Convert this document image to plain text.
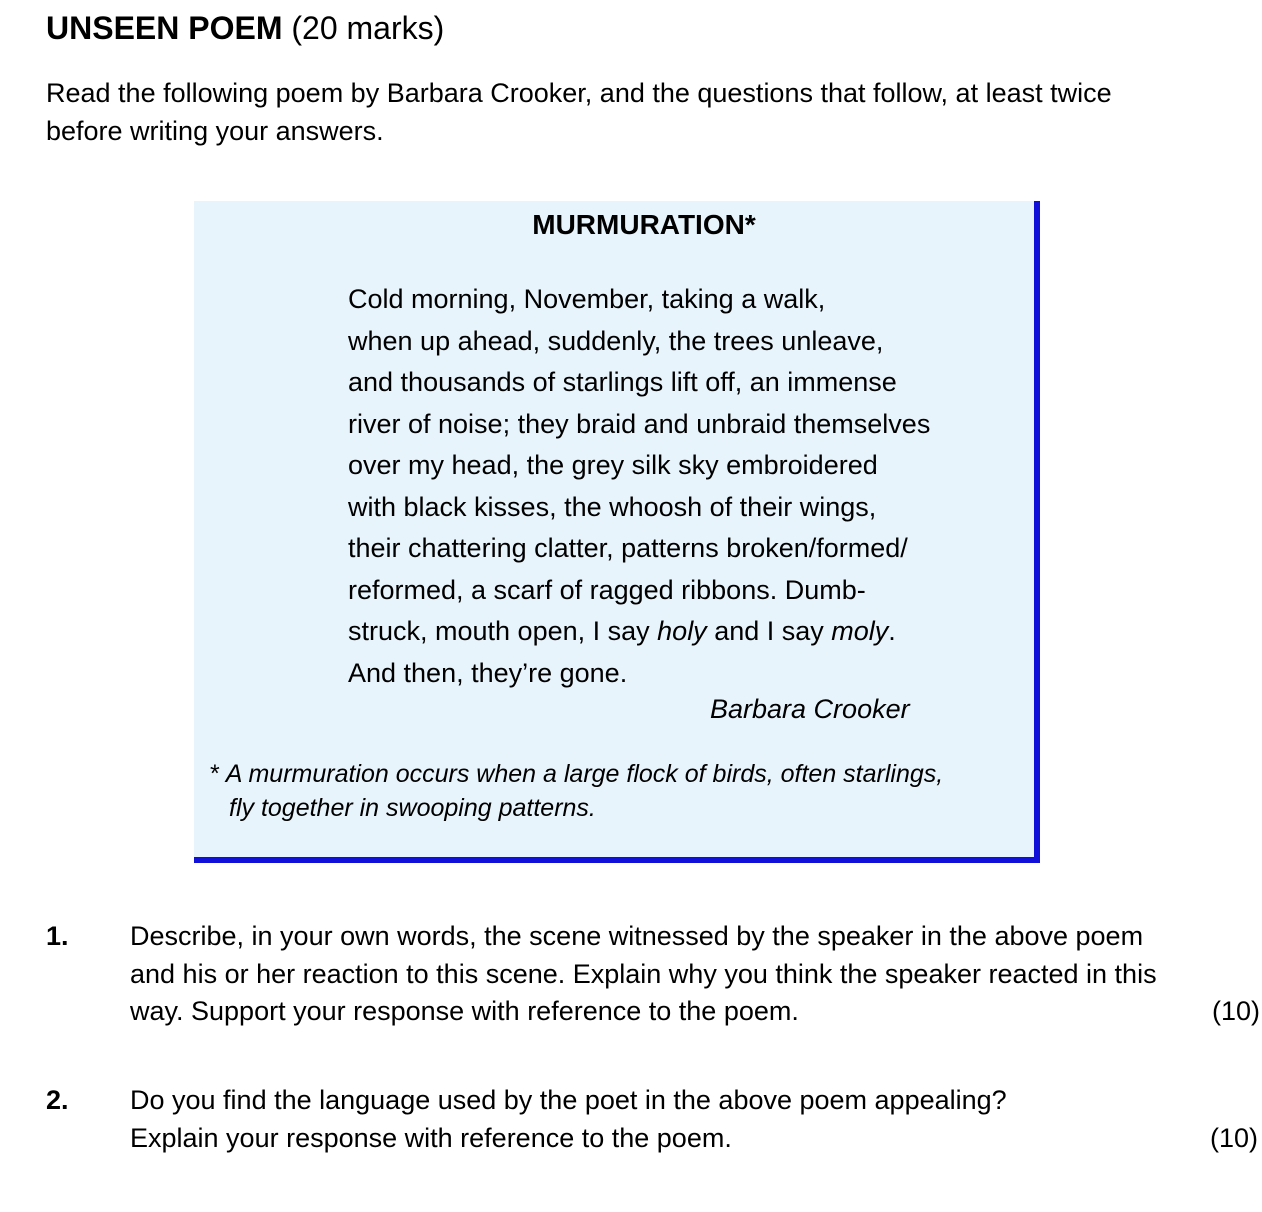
UNSEEN POEM (20 marks)
Read the following poem by Barbara Crooker, and the questions that follow, at least twice before writing your answers.
MURMURATION*
Cold morning, November, taking a walk,
when up ahead, suddenly, the trees unleave,
and thousands of starlings lift off, an immense
river of noise; they braid and unbraid themselves
over my head, the grey silk sky embroidered
with black kisses, the whoosh of their wings,
their chattering clatter, patterns broken/formed/
reformed, a scarf of ragged ribbons. Dumb-
struck, mouth open, I say holy and I say moly.
And then, they’re gone.
Barbara Crooker
* A murmuration occurs when a large flock of birds, often starlings,
fly together in swooping patterns.
1. Describe, in your own words, the scene witnessed by the speaker in the above poem
and his or her reaction to this scene. Explain why you think the speaker reacted in this
way. Support your response with reference to the poem.	(10)
2. Do you find the language used by the poet in the above poem appealing?
Explain your response with reference to the poem.	(10)
